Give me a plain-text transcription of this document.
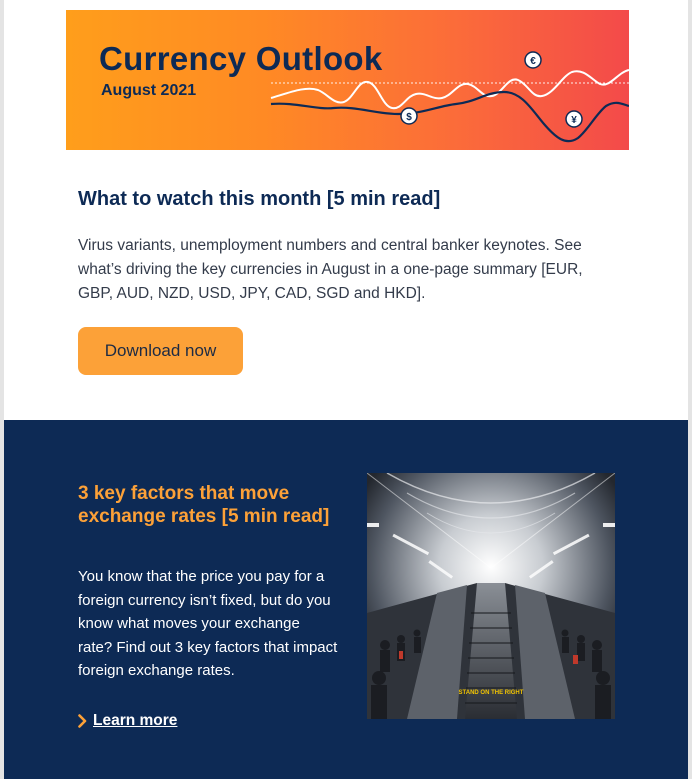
$
€
¥
Currency Outlook
August 2021
What to watch this month [5 min read]
Virus variants, unemployment numbers and central banker keynotes. See what’s driving the key currencies in August in a one-page summary [EUR, GBP, AUD, NZD, USD, JPY, CAD, SGD and HKD].
Download now
3 key factors that move exchange rates [5 min read]
You know that the price you pay for a foreign currency isn’t fixed, but do you know what moves your exchange rate? Find out 3 key factors that impact foreign exchange rates.
Learn more
STAND ON THE RIGHT
